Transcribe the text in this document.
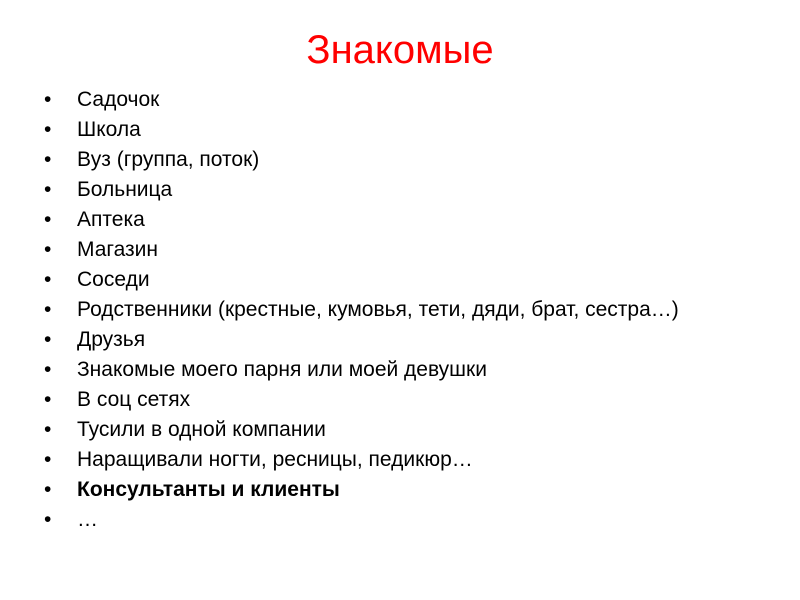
Знакомые
•	Садочок
•	Школа
•	Вуз (группа, поток)
•	Больница
•	Аптека
•	Магазин
•	Соседи
•	Родственники (крестные, кумовья, тети, дяди, брат, сестра…)
•	Друзья
•	Знакомые моего парня или моей девушки
•	В соц сетях
•	Тусили в одной компании
•	Наращивали ногти, ресницы, педикюр…
•	Консультанты и клиенты
•	…
